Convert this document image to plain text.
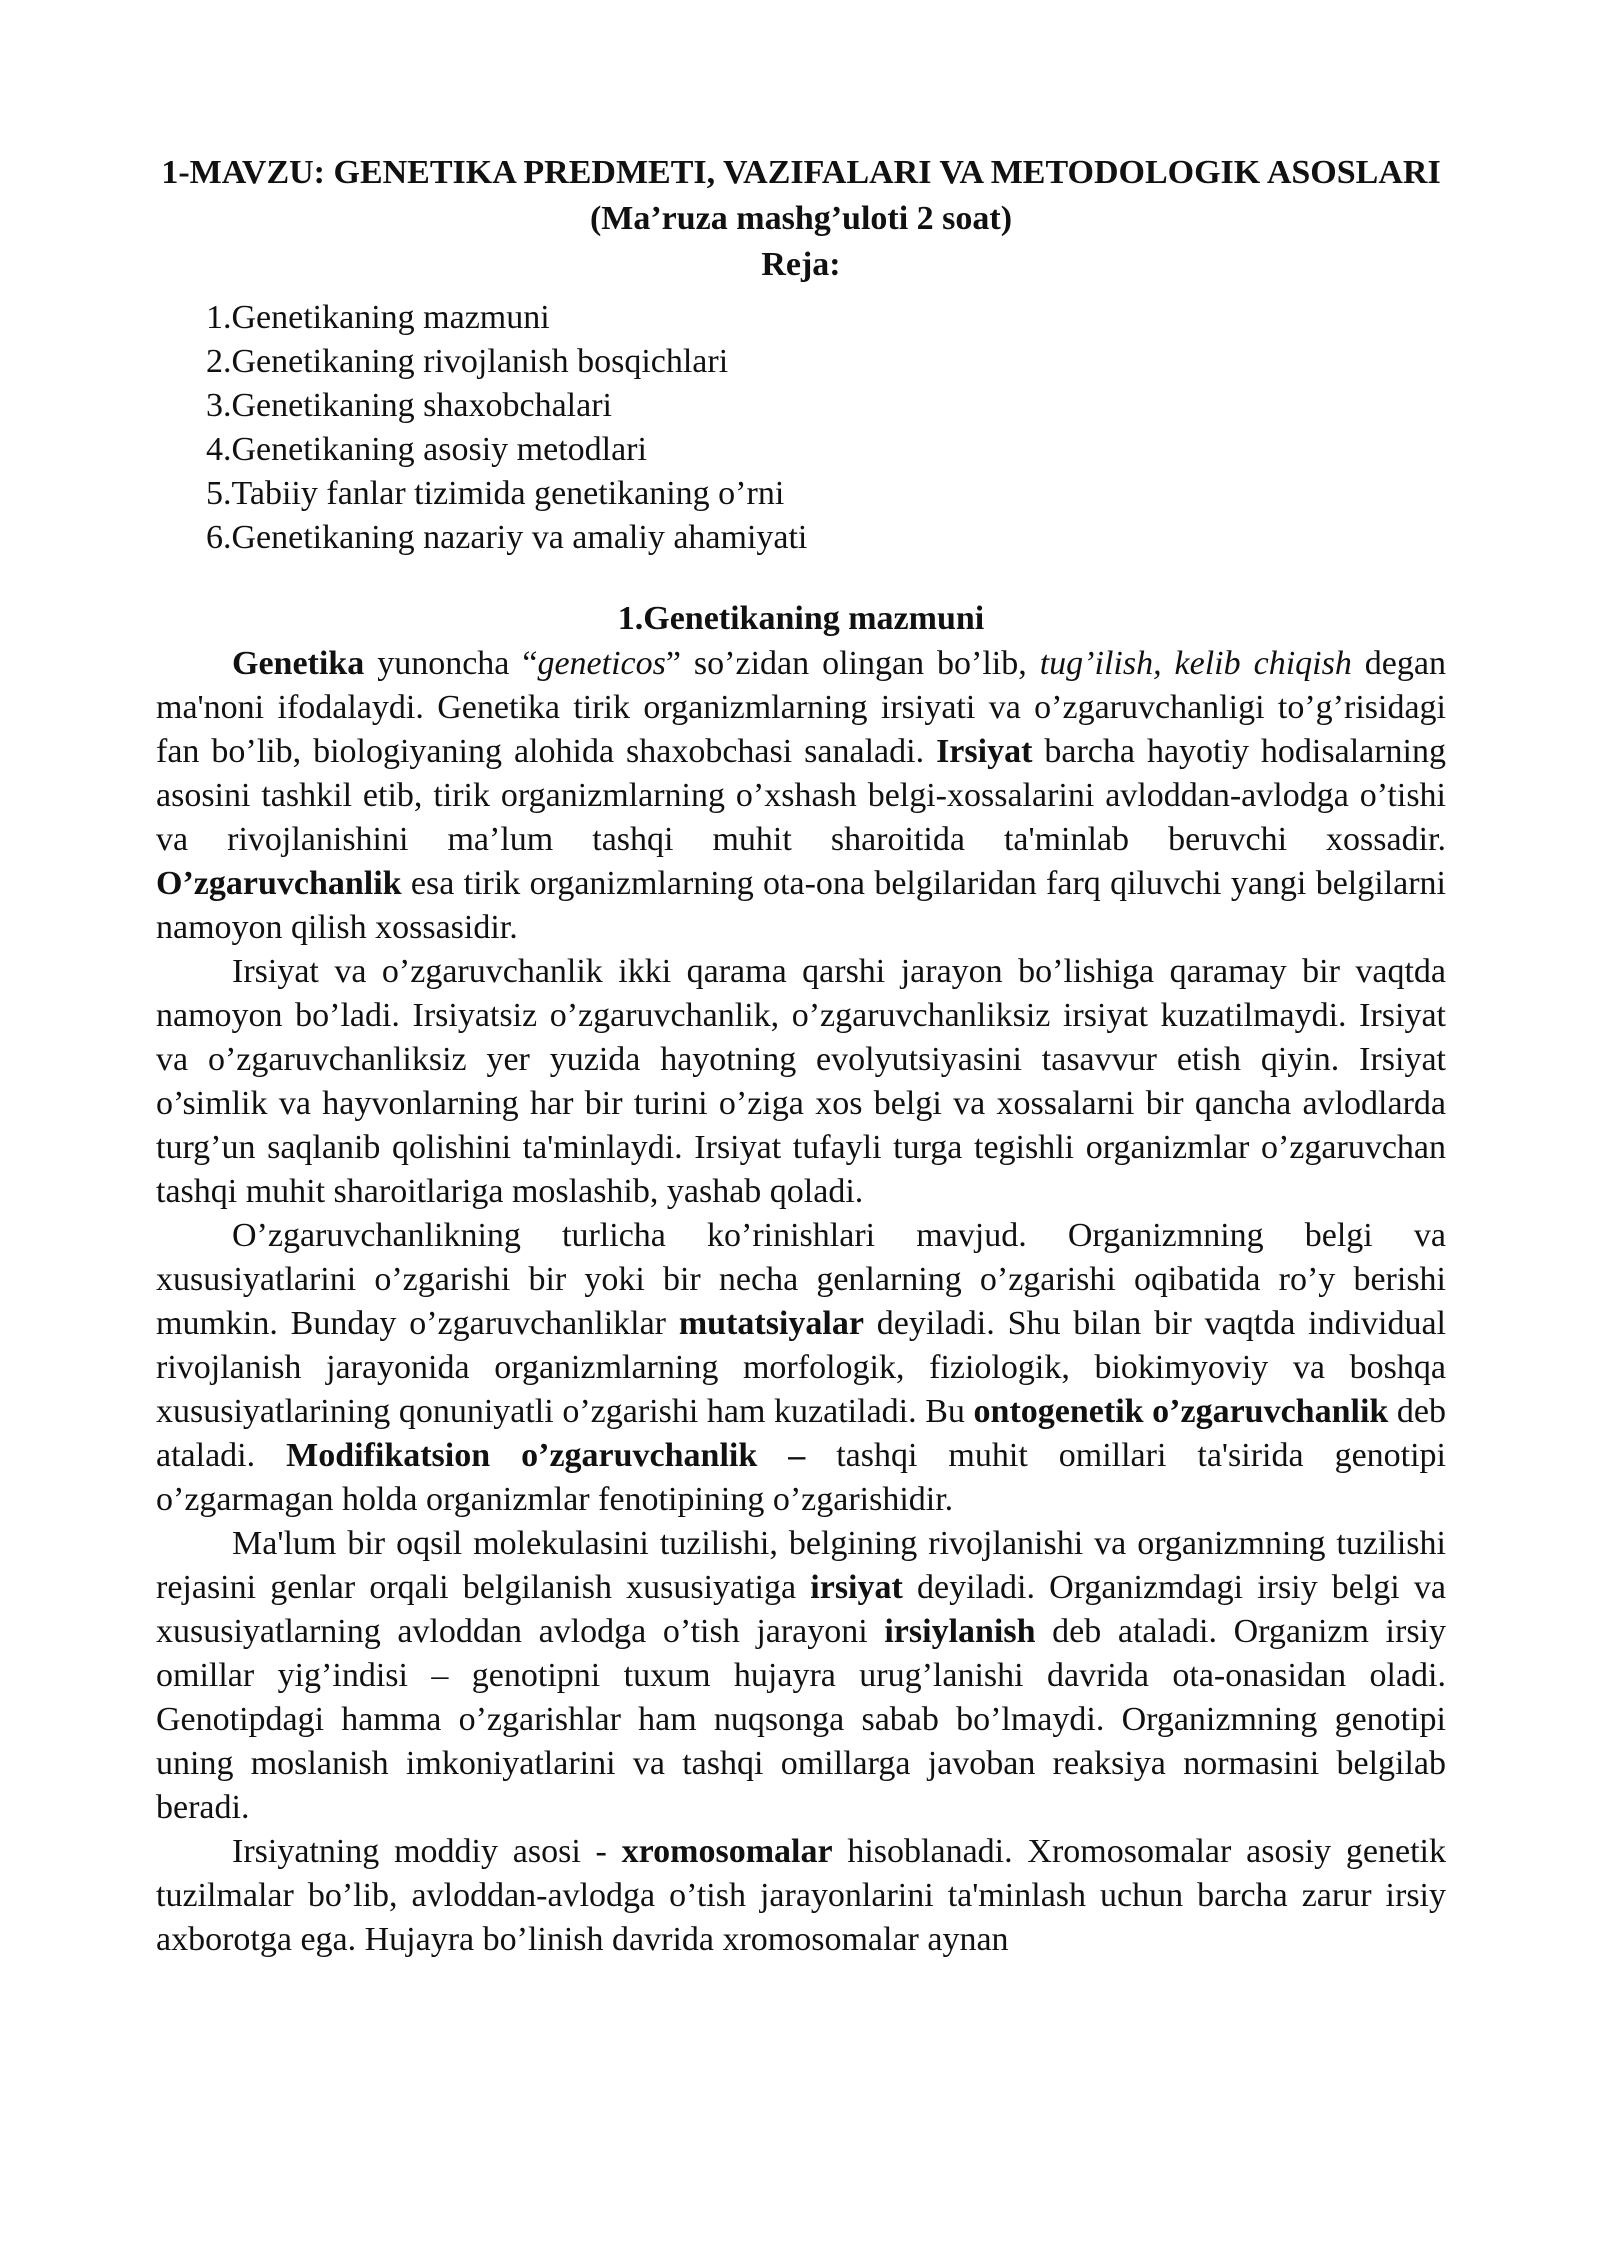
1-MAVZU: GENETIKA PREDMETI, VAZIFALARI VA METODOLOGIK ASOSLARI

(Ma’ruza mashg’uloti 2 soat)

Reja:

1.Genetikaning mazmuni
2.Genetikaning rivojlanish bosqichlari
3.Genetikaning shaxobchalari
4.Genetikaning asosiy metodlari
5.Tabiiy fanlar tizimida genetikaning o’rni
6.Genetikaning nazariy va amaliy ahamiyati

1.Genetikaning mazmuni

Genetika yunoncha “geneticos” so’zidan olingan bo’lib, tug’ilish, kelib chiqish degan ma'noni ifodalaydi. Genetika tirik organizmlarning irsiyati va o’zgaruvchanligi to’g’risidagi fan bo’lib, biologiyaning alohida shaxobchasi sanaladi. Irsiyat barcha hayotiy hodisalarning asosini tashkil etib, tirik organizmlarning o’xshash belgi-xossalarini avloddan-avlodga o’tishi va rivojlanishini ma’lum tashqi muhit sharoitida ta'minlab beruvchi xossadir. O’zgaruvchanlik esa tirik organizmlarning ota-ona belgilaridan farq qiluvchi yangi belgilarni namoyon qilish xossasidir.

Irsiyat va o’zgaruvchanlik ikki qarama qarshi jarayon bo’lishiga qaramay bir vaqtda namoyon bo’ladi. Irsiyatsiz o’zgaruvchanlik, o’zgaruvchanliksiz irsiyat kuzatilmaydi. Irsiyat va o’zgaruvchanliksiz yer yuzida hayotning evolyutsiyasini tasavvur etish qiyin. Irsiyat o’simlik va hayvonlarning har bir turini o’ziga xos belgi va xossalarni bir qancha avlodlarda turg’un saqlanib qolishini ta'minlaydi. Irsiyat tufayli turga tegishli organizmlar o’zgaruvchan tashqi muhit sharoitlariga moslashib, yashab qoladi.

O’zgaruvchanlikning turlicha ko’rinishlari mavjud. Organizmning belgi va xususiyatlarini o’zgarishi bir yoki bir necha genlarning o’zgarishi oqibatida ro’y berishi mumkin. Bunday o’zgaruvchanliklar mutatsiyalar deyiladi. Shu bilan bir vaqtda individual rivojlanish jarayonida organizmlarning morfologik, fiziologik, biokimyoviy va boshqa xususiyatlarining qonuniyatli o’zgarishi ham kuzatiladi. Bu ontogenetik o’zgaruvchanlik deb ataladi. Modifikatsion o’zgaruvchanlik – tashqi muhit omillari ta'sirida genotipi o’zgarmagan holda organizmlar fenotipining o’zgarishidir.

Ma'lum bir oqsil molekulasini tuzilishi, belgining rivojlanishi va organizmning tuzilishi rejasini genlar orqali belgilanish xususiyatiga irsiyat deyiladi. Organizmdagi irsiy belgi va xususiyatlarning avloddan avlodga o’tish jarayoni irsiylanish deb ataladi. Organizm irsiy omillar yig’indisi – genotipni tuxum hujayra urug’lanishi davrida ota-onasidan oladi. Genotipdagi hamma o’zgarishlar ham nuqsonga sabab bo’lmaydi. Organizmning genotipi uning moslanish imkoniyatlarini va tashqi omillarga javoban reaksiya normasini belgilab beradi.

Irsiyatning moddiy asosi - xromosomalar hisoblanadi. Xromosomalar asosiy genetik tuzilmalar bo’lib, avloddan-avlodga o’tish jarayonlarini ta'minlash uchun barcha zarur irsiy axborotga ega. Hujayra bo’linish davrida xromosomalar aynan
